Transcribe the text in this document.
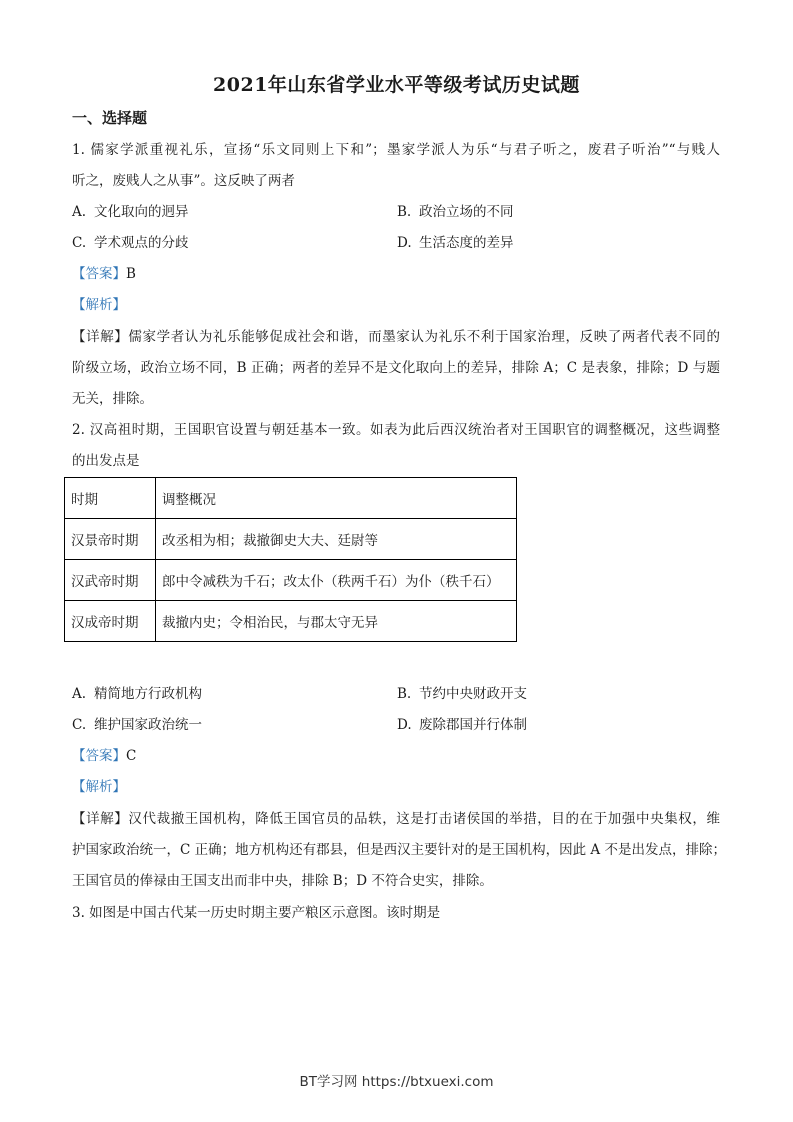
2021年山东省学业水平等级考试历史试题
一、选择题
1. 儒家学派重视礼乐，宣扬“乐文同则上下和”；墨家学派人为乐“与君子听之，废君子听治”“与贱人
听之，废贱人之从事”。这反映了两者
A. 文化取向的迥异	B. 政治立场的不同
C. 学术观点的分歧	D. 生活态度的差异
【答案】B
【解析】
【详解】儒家学者认为礼乐能够促成社会和谐，而墨家认为礼乐不利于国家治理，反映了两者代表不同的
阶级立场，政治立场不同，B 正确；两者的差异不是文化取向上的差异，排除 A；C 是表象，排除；D 与题
无关，排除。
2. 汉高祖时期，王国职官设置与朝廷基本一致。如表为此后西汉统治者对王国职官的调整概况，这些调整
的出发点是
时期	调整概况
汉景帝时期	改丞相为相；裁撤御史大夫、廷尉等
汉武帝时期	郎中令减秩为千石；改太仆（秩两千石）为仆（秩千石）
汉成帝时期	裁撤内史；令相治民，与郡太守无异
A. 精简地方行政机构	B. 节约中央财政开支
C. 维护国家政治统一	D. 废除郡国并行体制
【答案】C
【解析】
【详解】汉代裁撤王国机构，降低王国官员的品轶，这是打击诸侯国的举措，目的在于加强中央集权，维
护国家政治统一，C 正确；地方机构还有郡县，但是西汉主要针对的是王国机构，因此 A 不是出发点，排除；
王国官员的俸禄由王国支出而非中央，排除 B；D 不符合史实，排除。
3. 如图是中国古代某一历史时期主要产粮区示意图。该时期是
BT学习网 https://btxuexi.com
